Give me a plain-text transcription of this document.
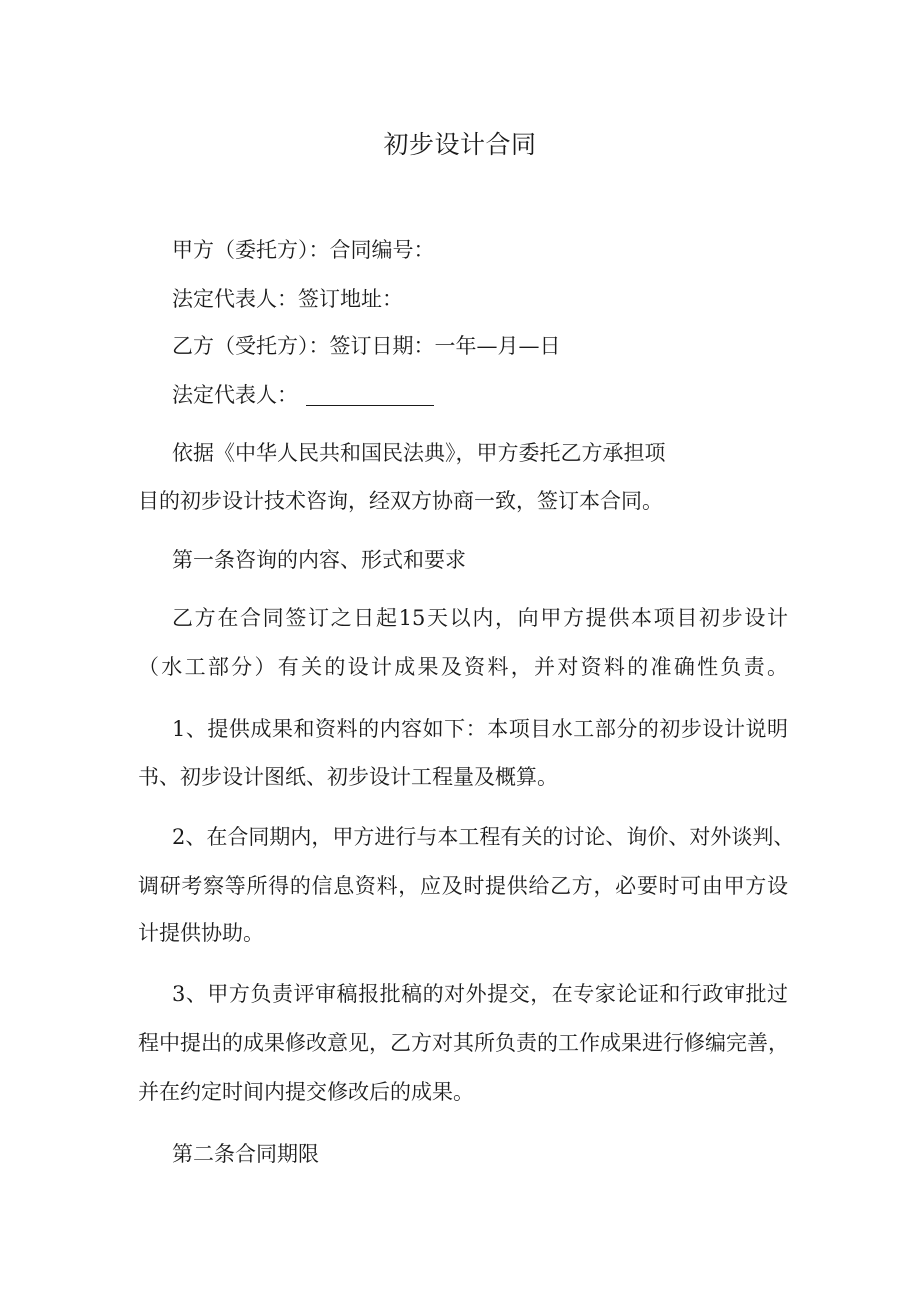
初步设计合同

甲方（委托方）：合同编号：

法定代表人：签订地址：

乙方（受托方）：签订日期：一年—月—日

法定代表人：

依据《中华人民共和国民法典》，甲方委托乙方承担项

目的初步设计技术咨询，经双方协商一致，签订本合同。

第一条咨询的内容、形式和要求

乙方在合同签订之日起15天以内，向甲方提供本项目初步设计

（水工部分）有关的设计成果及资料，并对资料的准确性负责。

1、提供成果和资料的内容如下：本项目水工部分的初步设计说明

书、初步设计图纸、初步设计工程量及概算。

2、在合同期内，甲方进行与本工程有关的讨论、询价、对外谈判、

调研考察等所得的信息资料，应及时提供给乙方，必要时可由甲方设

计提供协助。

3、甲方负责评审稿报批稿的对外提交，在专家论证和行政审批过

程中提出的成果修改意见，乙方对其所负责的工作成果进行修编完善，

并在约定时间内提交修改后的成果。

第二条合同期限
